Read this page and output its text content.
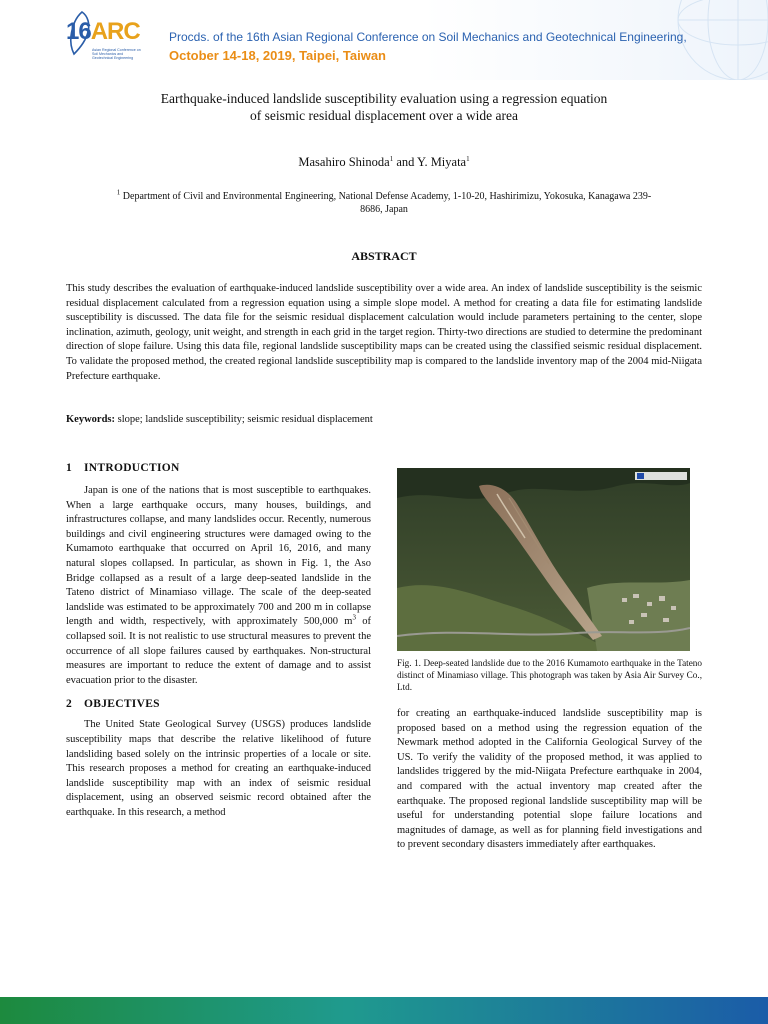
16ARC
Asian Regional Conference on
Soil Mechanics and
Geotechnical Engineering
Procds. of the 16th Asian Regional Conference on Soil Mechanics and Geotechnical Engineering,
October 14-18, 2019, Taipei, Taiwan
Earthquake-induced landslide susceptibility evaluation using a regression equation
of seismic residual displacement over a wide area
Masahiro Shinoda$^1$ and Y. Miyata$^1$
$^1$ Department of Civil and Environmental Engineering, National Defense Academy, 1-10-20, Hashirimizu, Yokosuka, Kanagawa 239-
8686, Japan
ABSTRACT

This study describes the evaluation of earthquake-induced landslide susceptibility over a wide area. An index of landslide susceptibility is the seismic residual displacement calculated from a regression equation using a simple slope model. A method for creating a data file for estimating landslide susceptibility is discussed. The data file for the seismic residual displacement calculation would include parameters pertaining to the center, slope inclination, azimuth, geology, unit weight, and strength in each grid in the target region. Thirty-two directions are studied to determine the predominant direction of slope failure. Using this data file, regional landslide susceptibility maps can be created using the classified seismic residual displacement. To validate the proposed method, the created regional landslide susceptibility map is compared to the landslide inventory map of the 2004 mid-Niigata Prefecture earthquake.

Keywords: slope; landslide susceptibility; seismic residual displacement
1 INTRODUCTION

Japan is one of the nations that is most susceptible to earthquakes. When a large earthquake occurs, many houses, buildings, and infrastructures collapse, and many landslides occur. Recently, numerous buildings and civil engineering structures were damaged owing to the Kumamoto earthquake that occurred on April 16, 2016, and many natural slopes collapsed. In particular, as shown in Fig. 1, the Aso Bridge collapsed as a result of a large deep-seated landslide in the Tateno district of Minamiaso village. The scale of the deep-seated landslide was estimated to be approximately 700 and 200 m in collapse length and width, respectively, with approximately 500,000 $m^3$ of collapsed soil. It is not realistic to use structural measures to prevent the occurrence of all slope failures caused by earthquakes. Non-structural measures are important to reduce the extent of damage and to assist evacuation prior to the disaster.

2 OBJECTIVES

The United State Geological Survey (USGS) produces landslide susceptibility maps that describe the relative likelihood of future landsliding based solely on the intrinsic properties of a locale or site. This research proposes a method for creating an earthquake-induced landslide susceptibility map with an index of seismic residual displacement, using an observed seismic record obtained after the earthquake. In this research, a method

Fig. 1. Deep-seated landslide due to the 2016 Kumamoto earthquake in the Tateno distinct of Minamiaso village. This photograph was taken by Asia Air Survey Co., Ltd.

for creating an earthquake-induced landslide susceptibility map is proposed based on a method using the regression equation of the Newmark method adopted in the California Geological Survey of the US. To verify the validity of the proposed method, it was applied to landslides triggered by the mid-Niigata Prefecture earthquake in 2004, and compared with the actual inventory map created after the earthquake. The proposed regional landslide susceptibility map will be useful for understanding potential slope failure locations and magnitudes of damage, as well as for planning field investigations and to prevent secondary disasters immediately after earthquakes.
